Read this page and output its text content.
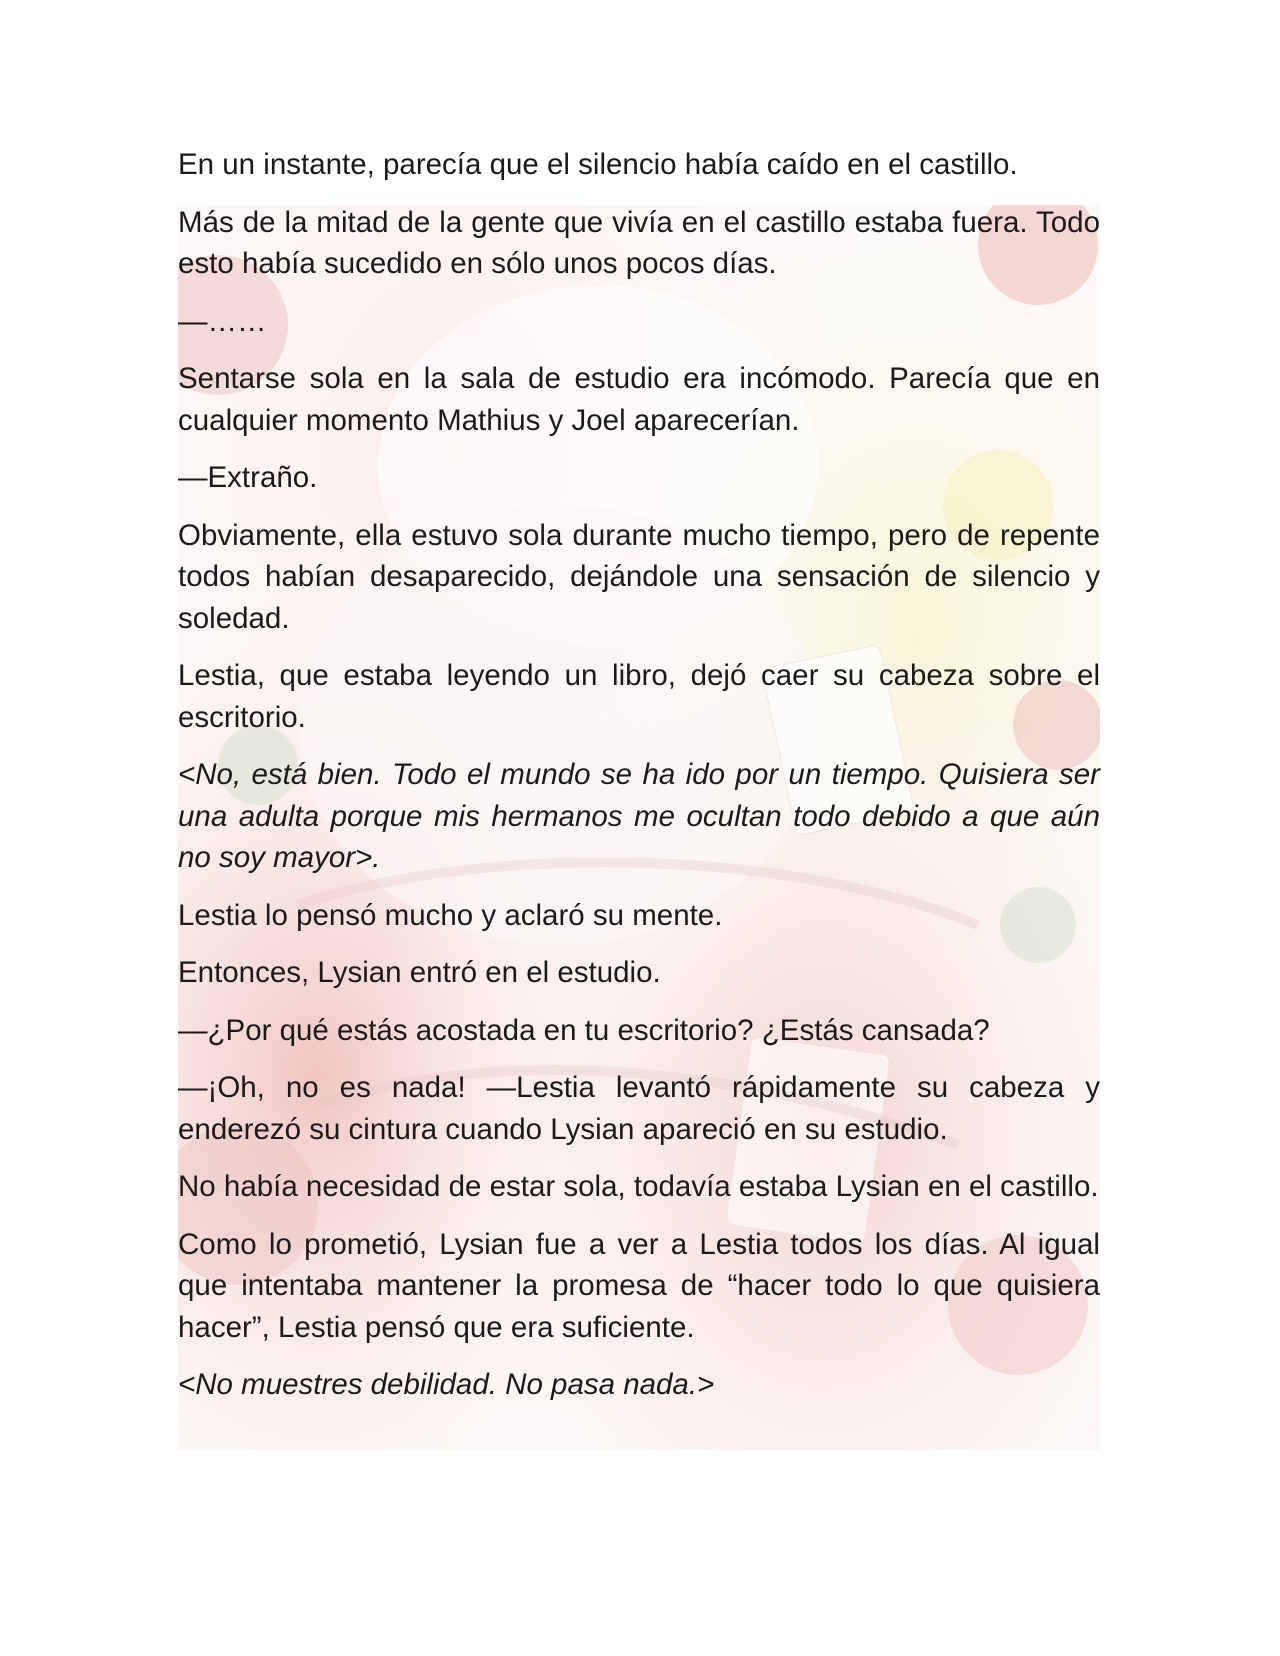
En un instante, parecía que el silencio había caído en el castillo.

Más de la mitad de la gente que vivía en el castillo estaba fuera. Todo esto había sucedido en sólo unos pocos días.

—……

Sentarse sola en la sala de estudio era incómodo. Parecía que en cualquier momento Mathius y Joel aparecerían.

—Extraño.

Obviamente, ella estuvo sola durante mucho tiempo, pero de repente todos habían desaparecido, dejándole una sensación de silencio y soledad.

Lestia, que estaba leyendo un libro, dejó caer su cabeza sobre el escritorio.

<No, está bien. Todo el mundo se ha ido por un tiempo. Quisiera ser una adulta porque mis hermanos me ocultan todo debido a que aún no soy mayor>.

Lestia lo pensó mucho y aclaró su mente.

Entonces, Lysian entró en el estudio.

—¿Por qué estás acostada en tu escritorio? ¿Estás cansada?

—¡Oh, no es nada! —Lestia levantó rápidamente su cabeza y enderezó su cintura cuando Lysian apareció en su estudio.

No había necesidad de estar sola, todavía estaba Lysian en el castillo.

Como lo prometió, Lysian fue a ver a Lestia todos los días. Al igual que intentaba mantener la promesa de “hacer todo lo que quisiera hacer”, Lestia pensó que era suficiente.

<No muestres debilidad. No pasa nada.>
